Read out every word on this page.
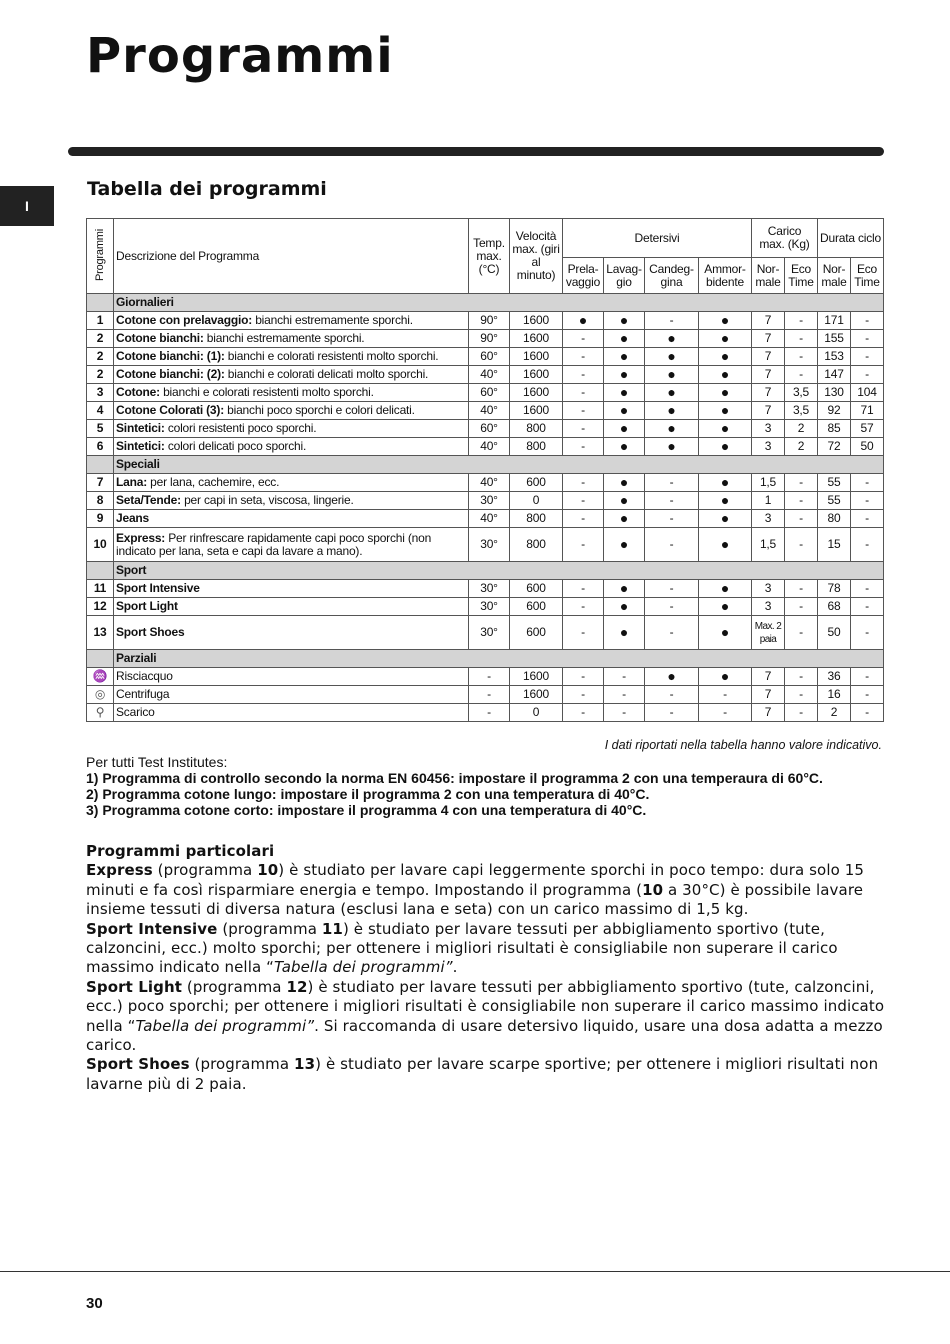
Programmi
I
Tabella dei programmi
Programmi	Descrizione del Programma	Temp. max. (°C)	Velocità max. (giri al minuto)	Detersivi				Carico max. (Kg)		Durata ciclo	
				Prela-vaggio	Lavag-gio	Candeg-gina	Ammor-bidente	Nor-male	Eco Time	Nor-male	Eco Time
	Giornalieri										
1	Cotone con prelavaggio: bianchi estremamente sporchi.	90°	1600	●	●	-	●	7	-	171	-
2	Cotone bianchi: bianchi estremamente sporchi.	90°	1600	-	●	●	●	7	-	155	-
2	Cotone bianchi: (1): bianchi e colorati resistenti molto sporchi.	60°	1600	-	●	●	●	7	-	153	-
2	Cotone bianchi: (2): bianchi e colorati delicati molto sporchi.	40°	1600	-	●	●	●	7	-	147	-
3	Cotone: bianchi e colorati resistenti molto sporchi.	60°	1600	-	●	●	●	7	3,5	130	104
4	Cotone Colorati (3): bianchi poco sporchi e colori delicati.	40°	1600	-	●	●	●	7	3,5	92	71
5	Sintetici: colori resistenti poco sporchi.	60°	800	-	●	●	●	3	2	85	57
6	Sintetici: colori delicati poco sporchi.	40°	800	-	●	●	●	3	2	72	50
	Speciali										
7	Lana: per lana, cachemire, ecc.	40°	600	-	●	-	●	1,5	-	55	-
8	Seta/Tende: per capi in seta, viscosa, lingerie.	30°	0	-	●	-	●	1	-	55	-
9	Jeans	40°	800	-	●	-	●	3	-	80	-
10	Express: Per rinfrescare rapidamente capi poco sporchi (non indicato per lana, seta e capi da lavare a mano).	30°	800	-	●	-	●	1,5	-	15	-
	Sport										
11	Sport Intensive	30°	600	-	●	-	●	3	-	78	-
12	Sport Light	30°	600	-	●	-	●	3	-	68	-
13	Sport Shoes	30°	600	-	●	-	●	Max. 2 paia	-	50	-
	Parziali										
♒	Risciacquo	-	1600	-	-	●	●	7	-	36	-
◎	Centrifuga	-	1600	-	-	-	-	7	-	16	-
⚲	Scarico	-	0	-	-	-	-	7	-	2	-
I dati riportati nella tabella hanno valore indicativo.
Per tutti Test Institutes:
1) Programma di controllo secondo la norma EN 60456: impostare il programma 2 con una temperaura di 60°C.
2) Programma cotone lungo: impostare il programma 2 con una temperatura di 40°C.
3) Programma cotone corto: impostare il programma 4 con una temperatura di 40°C.
Programmi particolari

Express (programma 10) è studiato per lavare capi leggermente sporchi in poco tempo: dura solo 15 minuti e fa così risparmiare energia e tempo. Impostando il programma (10 a 30°C) è possibile lavare insieme tessuti di diversa natura (esclusi lana e seta) con un carico massimo di 1,5 kg.

Sport Intensive (programma 11) è studiato per lavare tessuti per abbigliamento sportivo (tute, calzoncini, ecc.) molto sporchi; per ottenere i migliori risultati è consigliabile non superare il carico massimo indicato nella “Tabella dei programmi”.

Sport Light (programma 12) è studiato per lavare tessuti per abbigliamento sportivo (tute, calzoncini, ecc.) poco sporchi; per ottenere i migliori risultati è consigliabile non superare il carico massimo indicato nella “Tabella dei programmi”. Si raccomanda di usare detersivo liquido, usare una dosa adatta a mezzo carico.

Sport Shoes (programma 13) è studiato per lavare scarpe sportive; per ottenere i migliori risultati non lavarne più di 2 paia.

30
